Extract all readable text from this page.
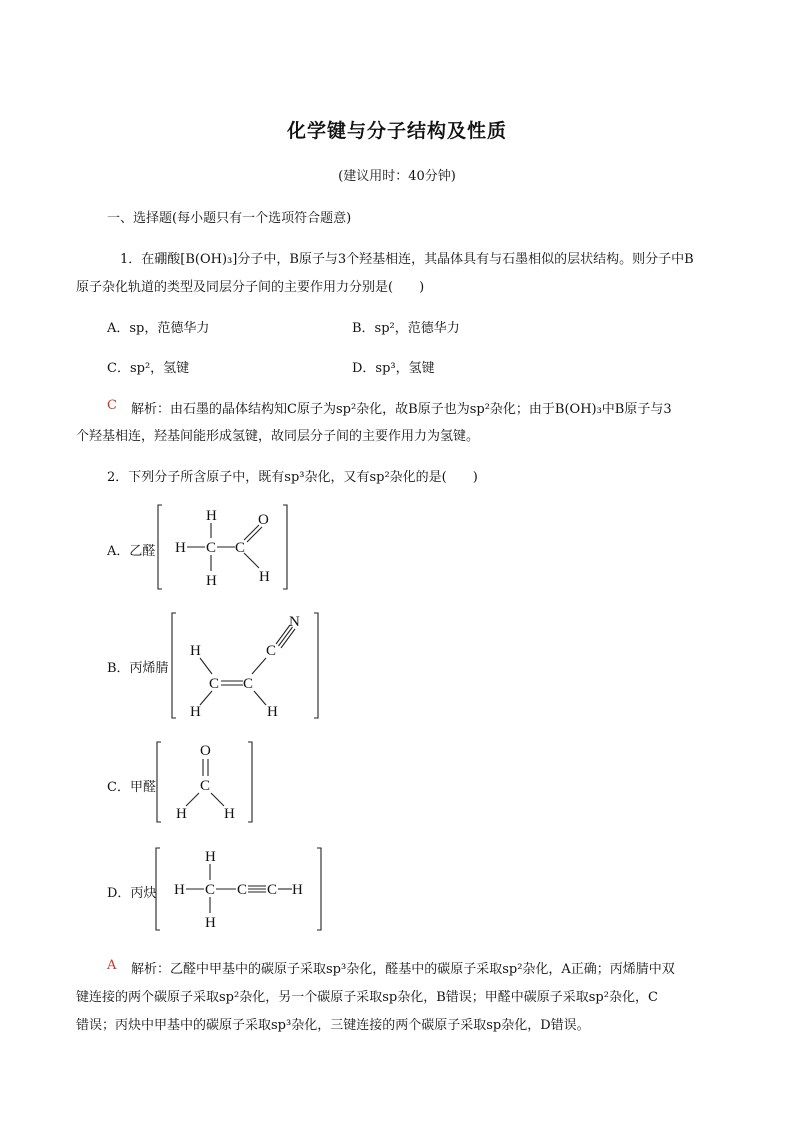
化学键与分子结构及性质
(建议用时：40分钟)
一、选择题(每小题只有一个选项符合题意)
1．在硼酸[B(OH)₃]分子中，B原子与3个羟基相连，其晶体具有与石墨相似的层状结构。则分子中B
原子杂化轨道的类型及同层分子间的主要作用力分别是(　　)
A．sp，范德华力	B．sp²，范德华力
C．sp²，氢键	D．sp³，氢键
C 解析：由石墨的晶体结构知C原子为sp²杂化，故B原子也为sp²杂化；由于B(OH)₃中B原子与3
个羟基相连，羟基间能形成氢键，故同层分子间的主要作用力为氢键。
2．下列分子所含原子中，既有sp³杂化，又有sp²杂化的是(　　)
A．乙醛
H
H C C
O
H	H
B．丙烯腈
H
C C
C
N
H	H
C．甲醛
O
C
H H
D．丙炔
H
H C C C H
H
A 解析：乙醛中甲基中的碳原子采取sp³杂化，醛基中的碳原子采取sp²杂化，A正确；丙烯腈中双
键连接的两个碳原子采取sp²杂化，另一个碳原子采取sp杂化，B错误；甲醛中碳原子采取sp²杂化，C
错误；丙炔中甲基中的碳原子采取sp³杂化，三键连接的两个碳原子采取sp杂化，D错误。
